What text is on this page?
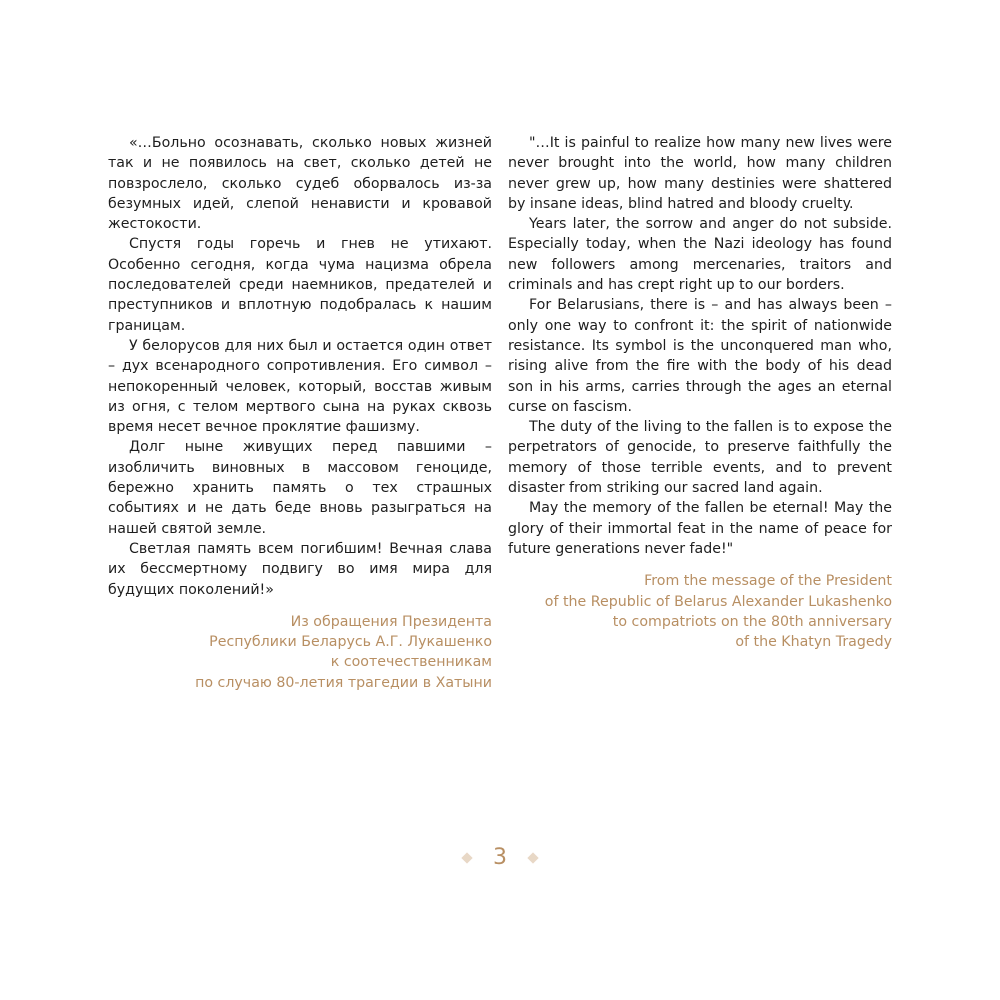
«…Больно осознавать, сколько новых жизней так и не появилось на свет, сколько детей не повзрослело, сколько судеб оборвалось из-за безумных идей, слепой ненависти и кровавой жестокости.

Спустя годы горечь и гнев не утихают. Особенно сегодня, когда чума нацизма обрела последователей среди наемников, предателей и преступников и вплотную подобралась к нашим границам.

У белорусов для них был и остается один ответ – дух всенародного сопротивления. Его символ – непокоренный человек, который, восстав живым из огня, с телом мертвого сына на руках сквозь время несет вечное проклятие фашизму.

Долг ныне живущих перед павшими – изобличить виновных в массовом геноциде, бережно хранить память о тех страшных событиях и не дать беде вновь разыграться на нашей святой земле.

Светлая память всем погибшим! Вечная слава их бессмертному подвигу во имя мира для будущих поколений!»

Из обращения Президента
Республики Беларусь А.Г. Лукашенко
к соотечественникам
по случаю 80-летия трагедии в Хатыни

"…It is painful to realize how many new lives were never brought into the world, how many children never grew up, how many destinies were shattered by insane ideas, blind hatred and bloody cruelty.

Years later, the sorrow and anger do not subside. Especially today, when the Nazi ideology has found new followers among mercenaries, traitors and criminals and has crept right up to our borders.

For Belarusians, there is – and has always been – only one way to confront it: the spirit of nationwide resistance. Its symbol is the unconquered man who, rising alive from the fire with the body of his dead son in his arms, carries through the ages an eternal curse on fascism.

The duty of the living to the fallen is to expose the perpetrators of genocide, to preserve faithfully the memory of those terrible events, and to prevent disaster from striking our sacred land again.

May the memory of the fallen be eternal! May the glory of their immortal feat in the name of peace for future generations never fade!"

From the message of the President
of the Republic of Belarus Alexander Lukashenko
to compatriots on the 80th anniversary
of the Khatyn Tragedy
3
